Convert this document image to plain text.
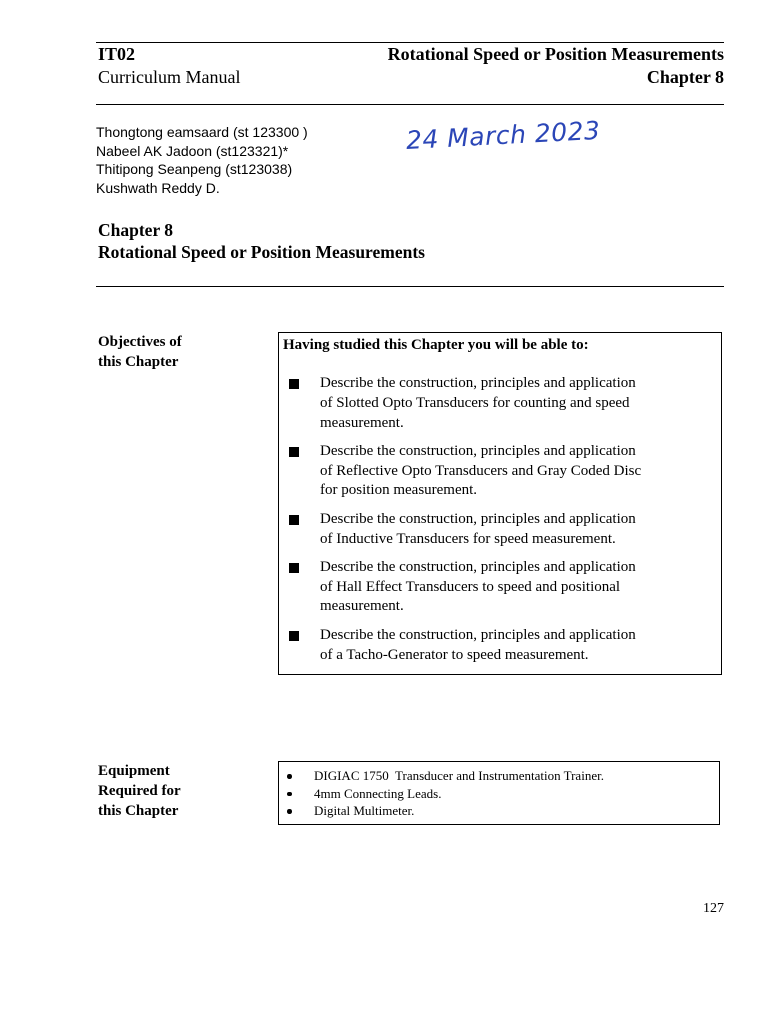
IT02	Rotational Speed or Position Measurements
Curriculum Manual	Chapter 8
Thongtong eamsaard (st 123300 )
Nabeel AK Jadoon (st123321)*
Thitipong Seanpeng (st123038)
Kushwath Reddy D.
24 March 2023
Chapter 8
Rotational Speed or Position Measurements
Objectives of
this Chapter
Having studied this Chapter you will be able to:
Describe the construction, principles and application
of Slotted Opto Transducers for counting and speed
measurement.
Describe the construction, principles and application
of Reflective Opto Transducers and Gray Coded Disc
for position measurement.
Describe the construction, principles and application
of Inductive Transducers for speed measurement.
Describe the construction, principles and application
of Hall Effect Transducers to speed and positional
measurement.
Describe the construction, principles and application
of a Tacho-Generator to speed measurement.
Equipment
Required for
this Chapter
DIGIAC 1750  Transducer and Instrumentation Trainer.
4mm Connecting Leads.
Digital Multimeter.
127
